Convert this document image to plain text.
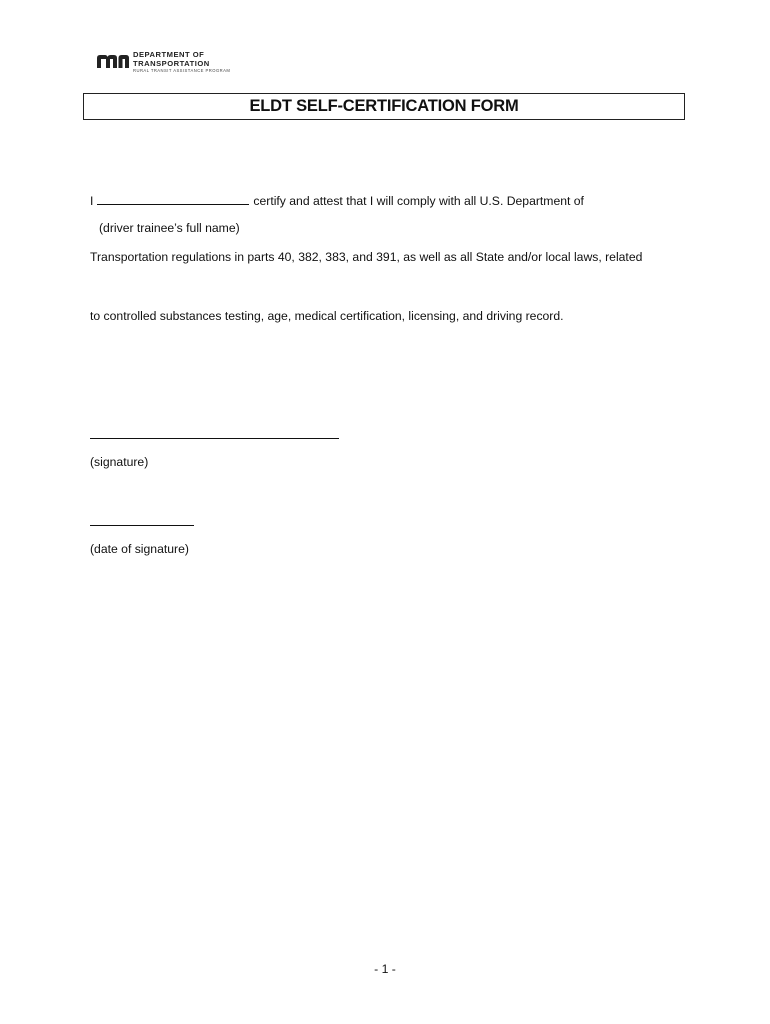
DEPARTMENT OF
TRANSPORTATION
RURAL TRANSIT ASSISTANCE PROGRAM
ELDT SELF-CERTIFICATION FORM
I	certify and attest that I will comply with all U.S. Department of
(driver trainee’s full name)
Transportation regulations in parts 40, 382, 383, and 391, as well as all State and/or local laws, related
to controlled substances testing, age, medical certification, licensing, and driving record.
(signature)
(date of signature)
- 1 -
